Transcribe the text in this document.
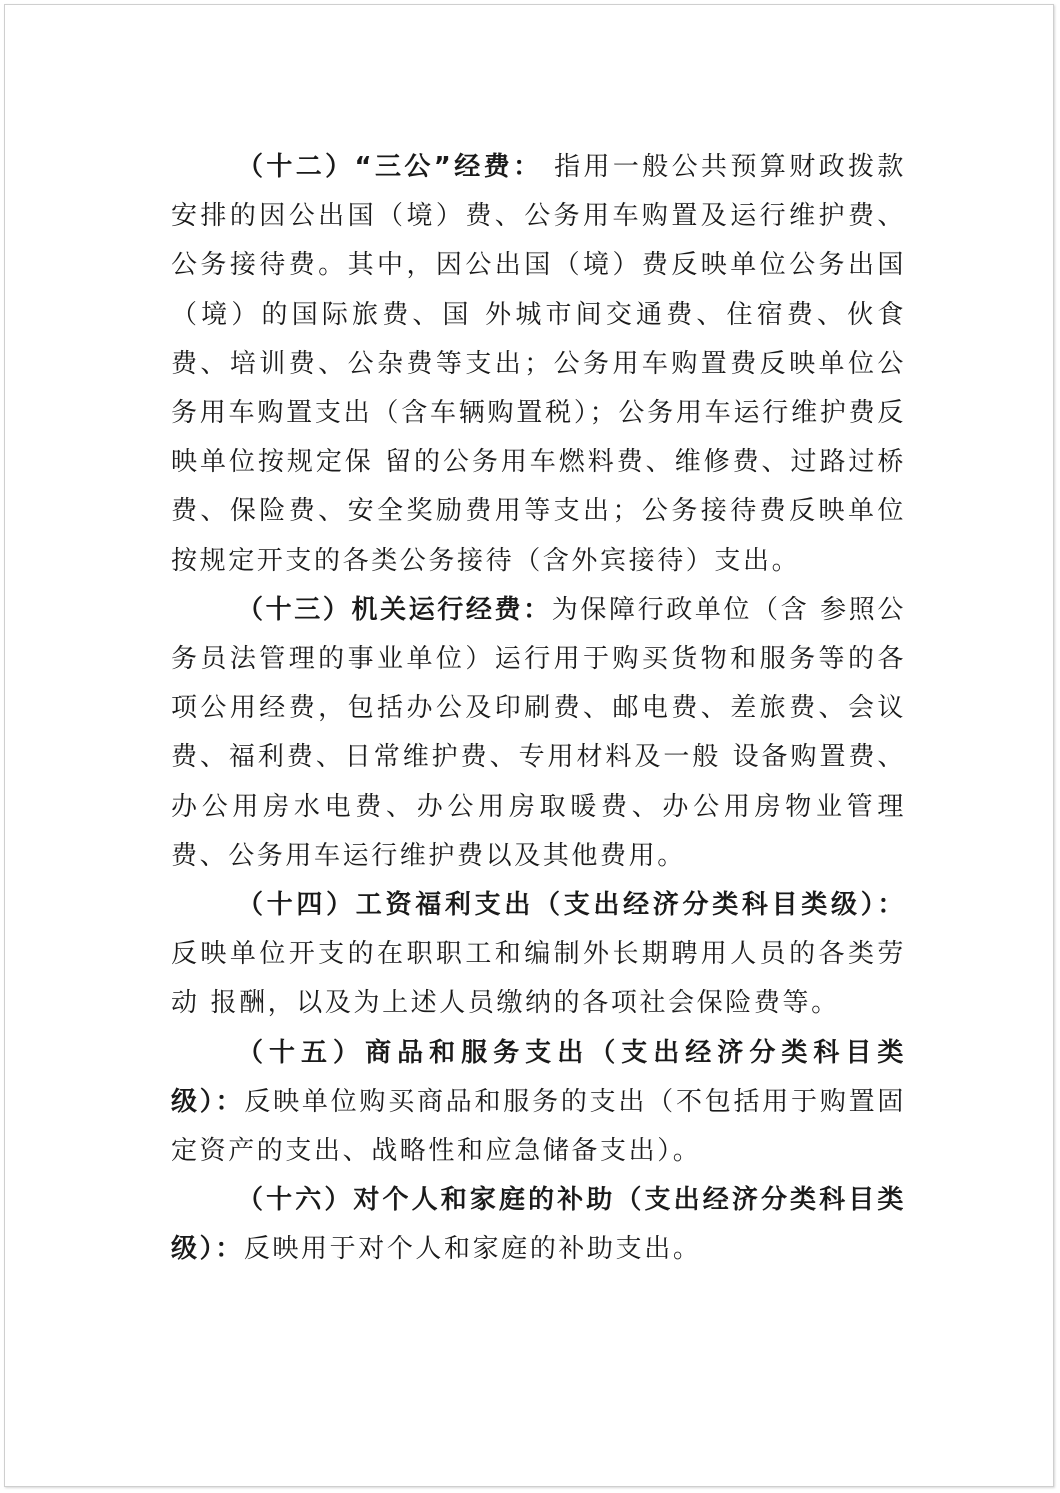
（十二）“三公”经费： 指用一般公共预算财政拨款安排的因公出国（境）费、公务用车购置及运行维护费、公务接待费。其中，因公出国（境）费反映单位公务出国（境）的国际旅费、国 外城市间交通费、住宿费、伙食费、培训费、公杂费等支出；公务用车购置费反映单位公务用车购置支出（含车辆购置税）；公务用车运行维护费反映单位按规定保 留的公务用车燃料费、维修费、过路过桥费、保险费、安全奖励费用等支出；公务接待费反映单位按规定开支的各类公务接待（含外宾接待）支出。

（十三）机关运行经费：为保障行政单位（含 参照公务员法管理的事业单位）运行用于购买货物和服务等的各项公用经费，包括办公及印刷费、邮电费、差旅费、会议费、福利费、日常维护费、专用材料及一般 设备购置费、办公用房水电费、办公用房取暖费、办公用房物业管理费、公务用车运行维护费以及其他费用。

（十四）工资福利支出（支出经济分类科目类级）：反映单位开支的在职职工和编制外长期聘用人员的各类劳动 报酬，以及为上述人员缴纳的各项社会保险费等。

（十五）商品和服务支出（支出经济分类科目类级）：反映单位购买商品和服务的支出（不包括用于购置固定资产的支出、战略性和应急储备支出）。

（十六）对个人和家庭的补助（支出经济分类科目类级）：反映用于对个人和家庭的补助支出。
